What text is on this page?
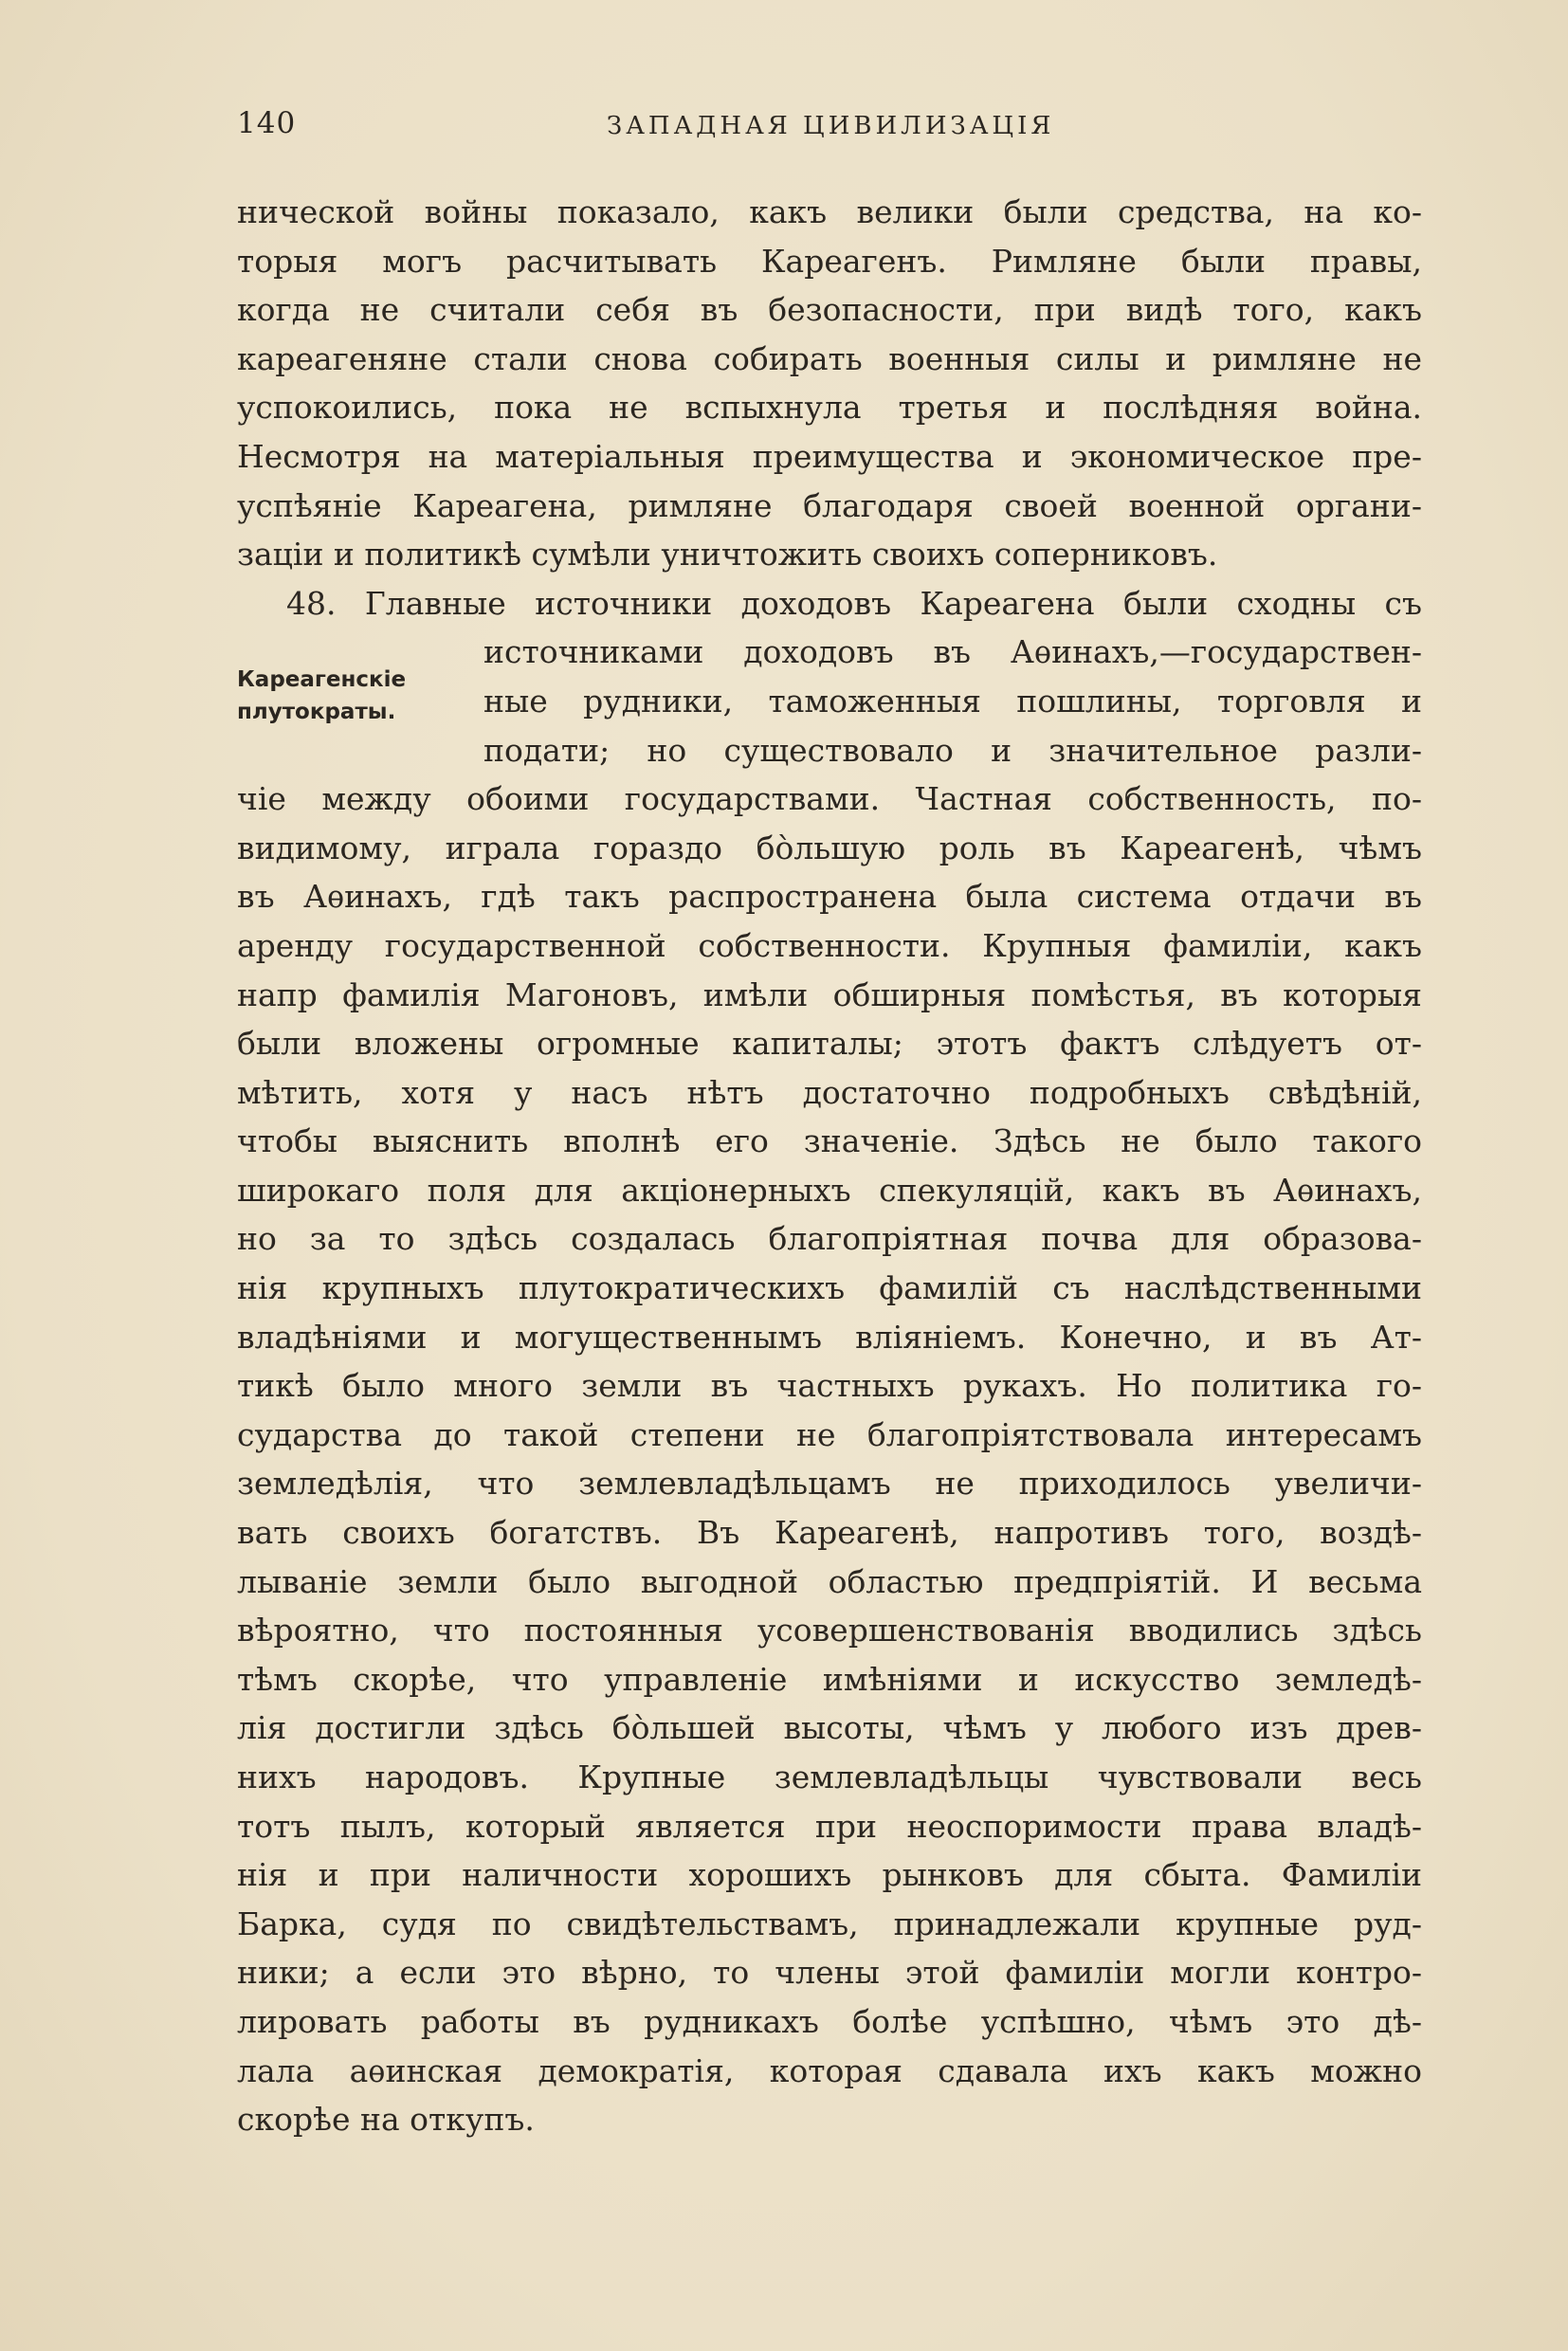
140	ЗАПАДНАЯ ЦИВИЛИЗАЦІЯ
Кареагенскіе
плутократы.
нической войны показало, какъ велики были средства, на ко-
торыя могъ расчитывать Кареагенъ. Римляне были правы,
когда не считали себя въ безопасности, при видѣ того, какъ
кареагеняне стали снова собирать военныя силы и римляне не
успокоились, пока не вспыхнула третья и послѣдняя война.
Несмотря на матеріальныя преимущества и экономическое пре-
успѣяніе Кареагена, римляне благодаря своей военной органи-
заціи и политикѣ сумѣли уничтожить своихъ соперниковъ.
48. Главные источники доходовъ Кареагена были сходны съ
источниками доходовъ въ Аѳинахъ,—государствен-
ные рудники, таможенныя пошлины, торговля и
подати; но существовало и значительное разли-
чіе между обоими государствами. Частная собственность, по-
видимому, играла гораздо бо̀льшую роль въ Кареагенѣ, чѣмъ
въ Аѳинахъ, гдѣ такъ распространена была система отдачи въ
аренду государственной собственности. Крупныя фамиліи, какъ
напр фамилія Магоновъ, имѣли обширныя помѣстья, въ которыя
были вложены огромные капиталы; этотъ фактъ слѣдуетъ от-
мѣтить, хотя у насъ нѣтъ достаточно подробныхъ свѣдѣній,
чтобы выяснить вполнѣ его значеніе. Здѣсь не было такого
широкаго поля для акціонерныхъ спекуляцій, какъ въ Аѳинахъ,
но за то здѣсь создалась благопріятная почва для образова-
нія крупныхъ плутократическихъ фамилій съ наслѣдственными
владѣніями и могущественнымъ вліяніемъ. Конечно, и въ Ат-
тикѣ было много земли въ частныхъ рукахъ. Но политика го-
сударства до такой степени не благопріятствовала интересамъ
земледѣлія, что землевладѣльцамъ не приходилось увеличи-
вать своихъ богатствъ. Въ Кареагенѣ, напротивъ того, воздѣ-
лываніе земли было выгодной областью предпріятій. И весьма
вѣроятно, что постоянныя усовершенствованія вводились здѣсь
тѣмъ скорѣе, что управленіе имѣніями и искусство земледѣ-
лія достигли здѣсь бо̀льшей высоты, чѣмъ у любого изъ древ-
нихъ народовъ. Крупные землевладѣльцы чувствовали весь
тотъ пылъ, который является при неоспоримости права владѣ-
нія и при наличности хорошихъ рынковъ для сбыта. Фамиліи
Барка, судя по свидѣтельствамъ, принадлежали крупные руд-
ники; а если это вѣрно, то члены этой фамиліи могли контро-
лировать работы въ рудникахъ болѣе успѣшно, чѣмъ это дѣ-
лала аѳинская демократія, которая сдавала ихъ какъ можно
скорѣе на откупъ.
